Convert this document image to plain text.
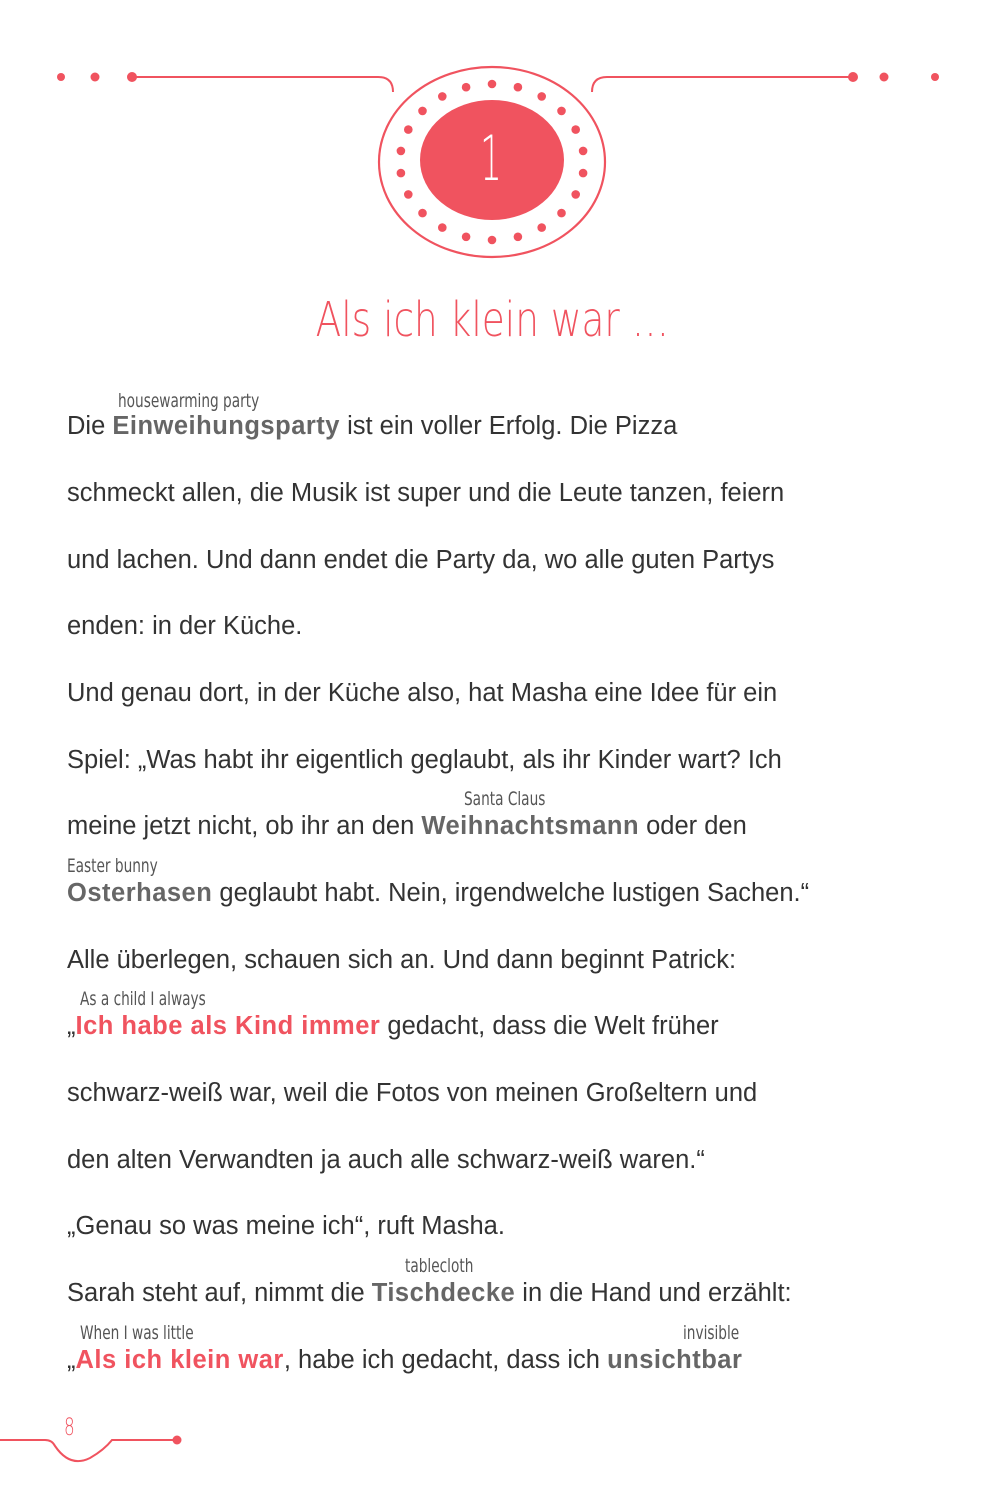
1
Als ich klein war …
housewarming party
Santa Claus
Easter bunny
As a child I always
tablecloth
When I was little	invisible
Die Einweihungsparty ist ein voller Erfolg. Die Pizza
schmeckt allen, die Musik ist super und die Leute tanzen, feiern
und lachen. Und dann endet die Party da, wo alle guten Partys
enden: in der Küche.
Und genau dort, in der Küche also, hat Masha eine Idee für ein
Spiel: „Was habt ihr eigentlich geglaubt, als ihr Kinder wart? Ich
meine jetzt nicht, ob ihr an den Weihnachtsmann oder den
Osterhasen geglaubt habt. Nein, irgendwelche lustigen Sachen.“
Alle überlegen, schauen sich an. Und dann beginnt Patrick:
„Ich habe als Kind immer gedacht, dass die Welt früher
schwarz-weiß war, weil die Fotos von meinen Großeltern und
den alten Verwandten ja auch alle schwarz-weiß waren.“
„Genau so was meine ich“, ruft Masha.
Sarah steht auf, nimmt die Tischdecke in die Hand und erzählt:
„Als ich klein war, habe ich gedacht, dass ich unsichtbar
8
